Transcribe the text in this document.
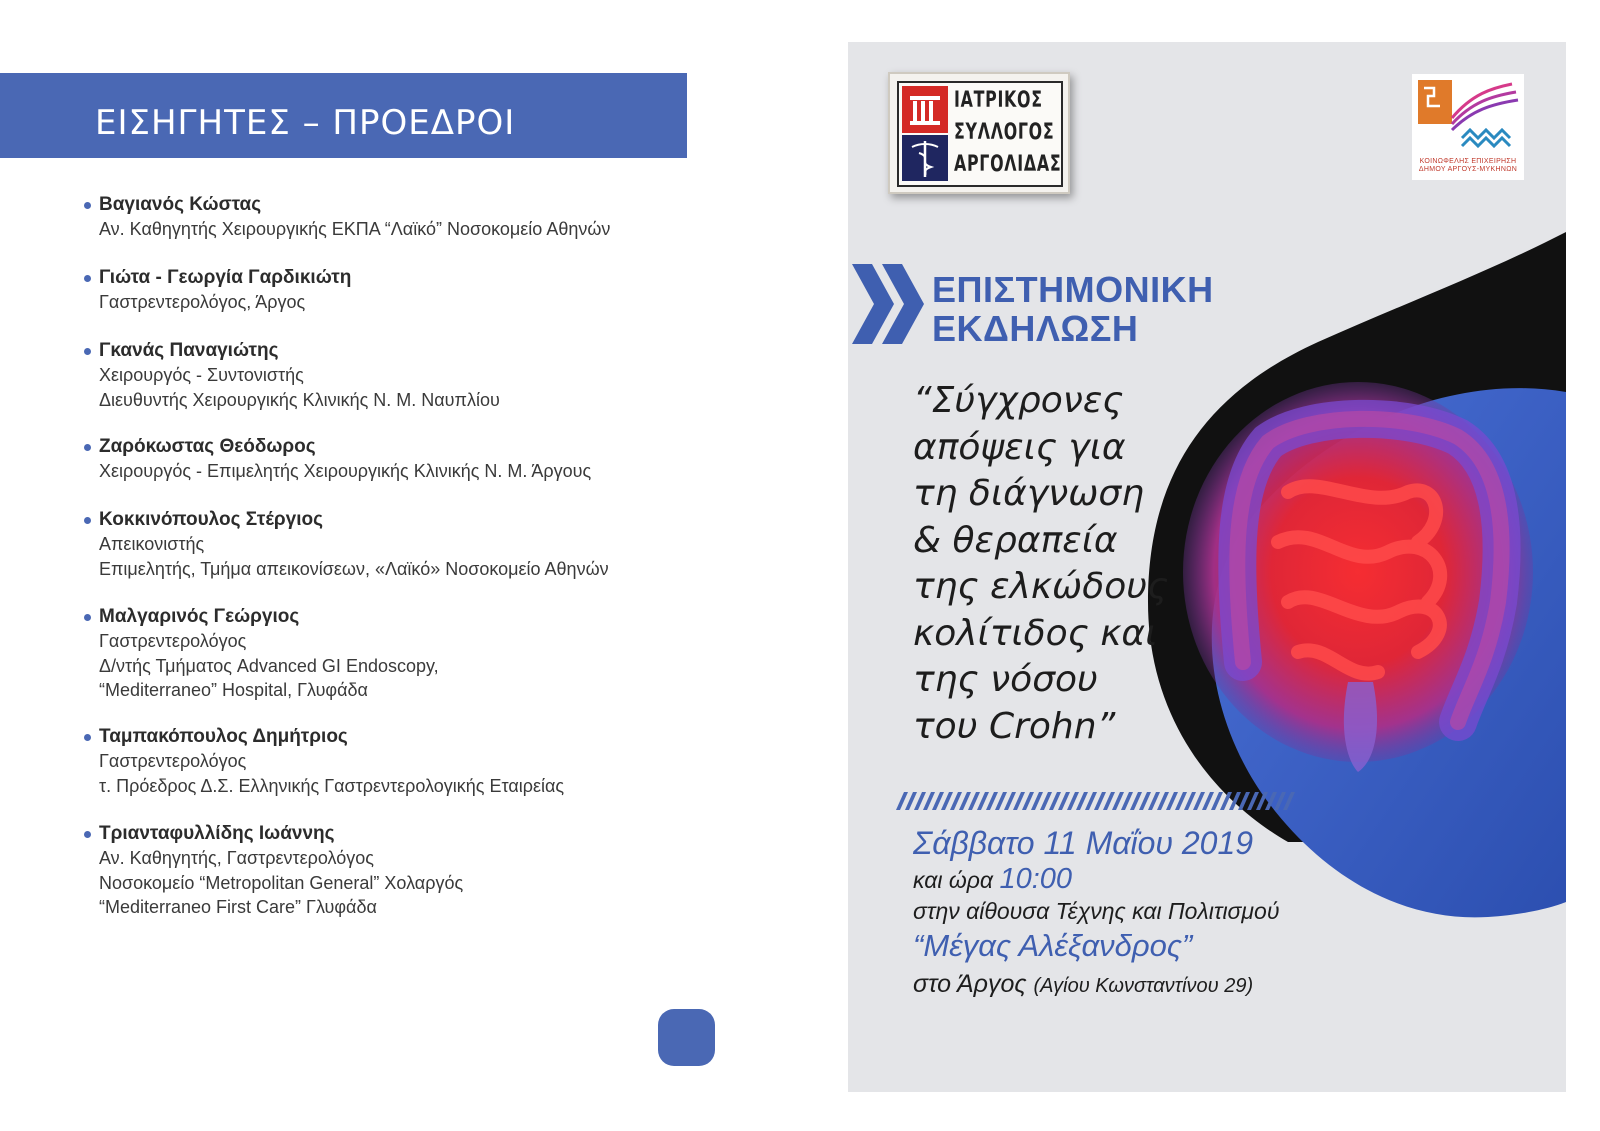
ΕΙΣΗΓΗΤΕΣ – ΠΡΟΕΔΡΟΙ
Βαγιανός Κώστας
Αν. Καθηγητής Χειρουργικής ΕΚΠΑ “Λαϊκό” Νοσοκομείο Αθηνών
Γιώτα - Γεωργία Γαρδικιώτη
Γαστρεντερολόγος, Άργος
Γκανάς Παναγιώτης
Χειρουργός - Συντονιστής
Διευθυντής Χειρουργικής Κλινικής Ν. Μ. Ναυπλίου
Ζαρόκωστας Θεόδωρος
Χειρουργός - Επιμελητής Χειρουργικής Κλινικής Ν. Μ. Άργους
Κοκκινόπουλος Στέργιος
Απεικονιστής
Επιμελητής, Τμήμα απεικονίσεων, «Λαϊκό» Νοσοκομείο Αθηνών
Μαλγαρινός Γεώργιος
Γαστρεντερολόγος
Δ/ντής Τμήματος Advanced GI Endoscopy,
“Mediterraneo” Hospital, Γλυφάδα
Ταμπακόπουλος Δημήτριος
Γαστρεντερολόγος
τ. Πρόεδρος Δ.Σ. Ελληνικής Γαστρεντερολογικής Εταιρείας
Τριανταφυλλίδης Ιωάννης
Αν. Καθηγητής, Γαστρεντερολόγος
Νοσοκομείο “Metropolitan General” Χολαργός
“Mediterraneo First Care” Γλυφάδα
ΙΑΤΡΙΚΟΣ
ΣΥΛΛΟΓΟΣ
ΑΡΓΟΛΙΔΑΣ	ΚΟΙΝΩΦΕΛΗΣ ΕΠΙΧΕΙΡΗΣΗ
ΔΗΜΟΥ ΑΡΓΟΥΣ-ΜΥΚΗΝΩΝ
ΕΠΙΣΤΗΜΟΝΙΚΗ
ΕΚΔΗΛΩΣΗ
“Σύγχρονες
απόψεις για
τη διάγνωση
& θεραπεία
της ελκώδους
κολίτιδος και
της νόσου
του Crohn”
Σάββατο 11 Μαΐου 2019
και ώρα 10:00
στην αίθουσα Τέχνης και Πολιτισμού
“Μέγας Αλέξανδρος”
στο Άργος (Αγίου Κωνσταντίνου 29)
